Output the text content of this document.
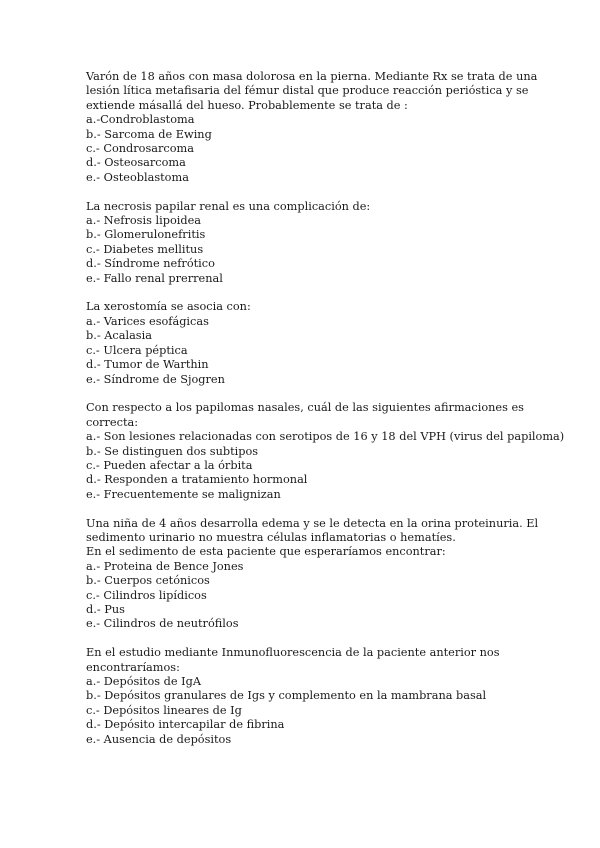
Varón de 18 años con masa dolorosa en la pierna. Mediante Rx se trata de una
lesión lítica metafisaria del fémur distal que produce reacción perióstica y se
extiende másallá del hueso. Probablemente se trata de :
a.-Condroblastoma
b.- Sarcoma de Ewing
c.- Condrosarcoma
d.- Osteosarcoma
e.- Osteoblastoma
La necrosis papilar renal es una complicación de:
a.- Nefrosis lipoidea
b.- Glomerulonefritis
c.- Diabetes mellitus
d.- Síndrome nefrótico
e.- Fallo renal prerrenal
La xerostomía se asocia con:
a.- Varices esofágicas
b.- Acalasia
c.- Ulcera péptica
d.- Tumor de Warthin
e.- Síndrome de Sjogren
Con respecto a los papilomas nasales, cuál de las siguientes afirmaciones es
correcta:
a.- Son lesiones relacionadas con serotipos de 16 y 18 del VPH (virus del papiloma)
b.- Se distinguen dos subtipos
c.- Pueden afectar a la órbita
d.- Responden a tratamiento hormonal
e.- Frecuentemente se malignizan
Una niña de 4 años desarrolla edema y se le detecta en la orina proteinuria. El
sedimento urinario no muestra células inflamatorias o hematíes.
En el sedimento de esta paciente que esperaríamos encontrar:
a.- Proteina de Bence Jones
b.- Cuerpos cetónicos
c.- Cilindros lipídicos
d.- Pus
e.- Cilindros de neutrófilos
En el estudio mediante Inmunofluorescencia de la paciente anterior nos
encontraríamos:
a.- Depósitos de IgA
b.- Depósitos granulares de Igs y complemento en la mambrana basal
c.- Depósitos lineares de Ig
d.- Depósito intercapilar de fibrina
e.- Ausencia de depósitos
